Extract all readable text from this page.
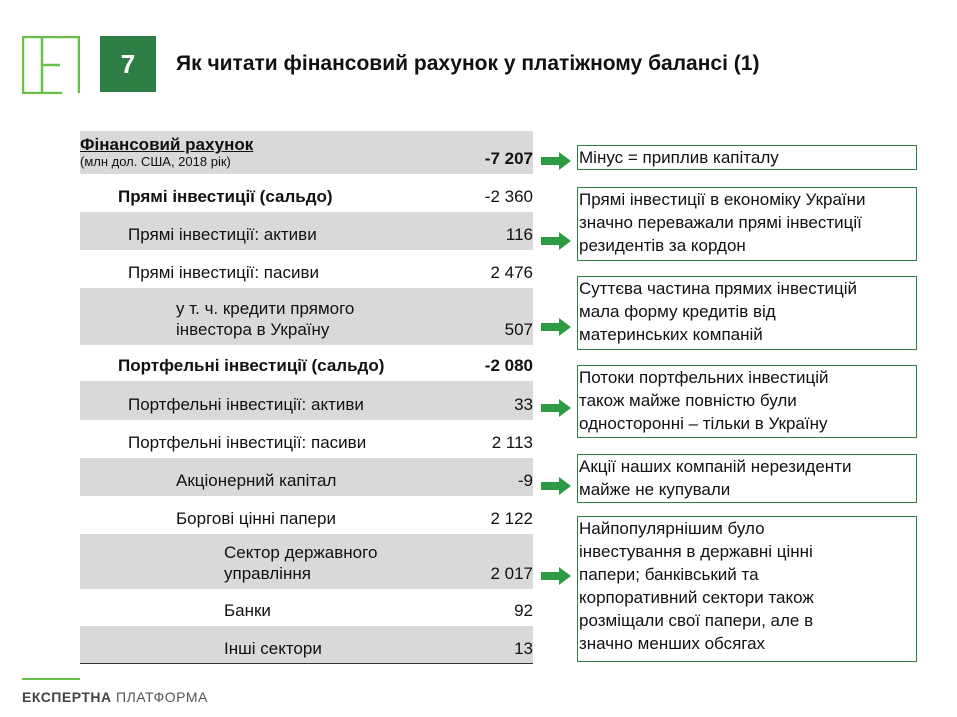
7	Як читати фінансовий рахунок у платіжному балансі (1)
Фінансовий рахунок
(млн дол. США, 2018 рік)	-7 207
Прямі інвестиції (сальдо)	-2 360
Прямі інвестиції: активи	116
Прямі інвестиції: пасиви	2 476
у т. ч. кредити прямого
інвестора в Україну	507
Портфельні інвестиції (сальдо)	-2 080
Портфельні інвестиції: активи	33
Портфельні інвестиції: пасиви	2 113
Акціонерний капітал	-9
Боргові цінні папери	2 122
Сектор державного
управління	2 017
Банки	92
Інші сектори	13
Мінус = приплив капіталу
Прямі інвестиції в економіку України
значно переважали прямі інвестиції
резидентів за кордон
Суттєва частина прямих інвестицій
мала форму кредитів від
материнських компаній
Потоки портфельних інвестицій
також майже повністю були
односторонні – тільки в Україну
Акції наших компаній нерезиденти
майже не купували
Найпопулярнішим було
інвестування в державні цінні
папери; банківський та
корпоративний сектори також
розміщали свої папери, але в
значно менших обсягах
ЕКСПЕРТНА ПЛАТФОРМА
